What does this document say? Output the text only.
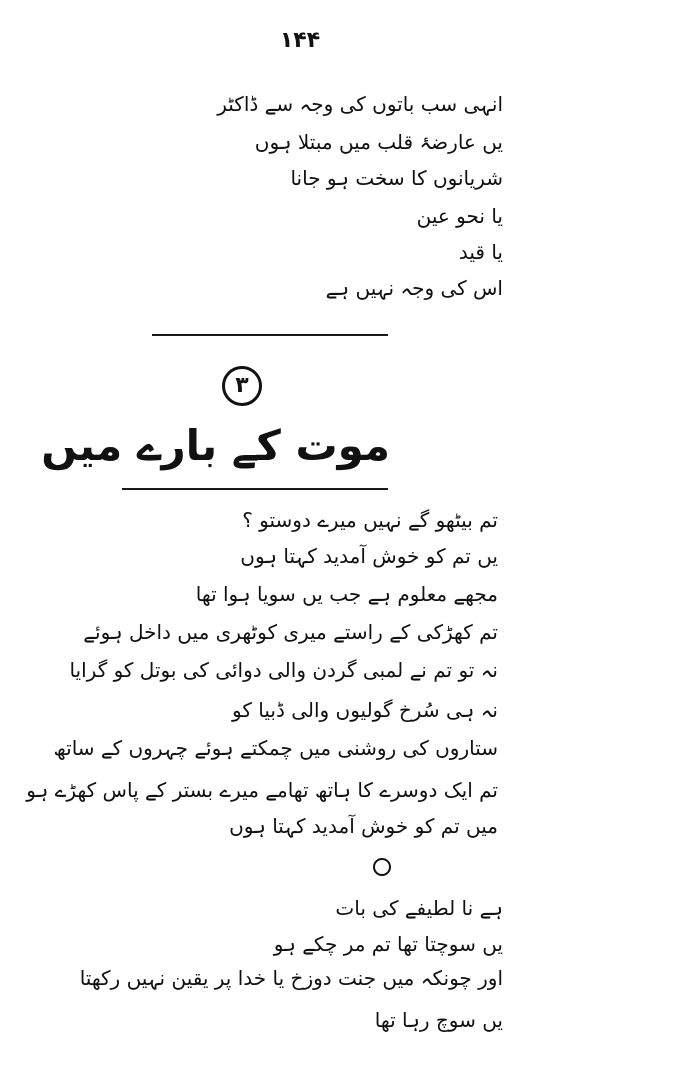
۱۴۴
انہی سب باتوں کی وجہ سے ڈاکٹر
یں عارضۂ قلب میں مبتلا ہوں
شریانوں کا سخت ہو جانا
یا نحو عین
یا قید
اس کی وجہ نہیں ہے
۳
موت کے بارے میں
تم بیٹھو گے نہیں میرے دوستو ؟
یں تم کو خوش آمدید کہتا ہوں
مجھے معلوم ہے جب یں سویا ہوا تھا
تم کھڑکی کے راستے میری کوٹھری میں داخل ہوئے
نہ تو تم نے لمبی گردن والی دوائی کی بوتل کو گرایا
نہ ہی سُرخ گولیوں والی ڈبیا کو
ستاروں کی روشنی میں چمکتے ہوئے چہروں کے ساتھ
تم ایک دوسرے کا ہاتھ تھامے میرے بستر کے پاس کھڑے ہو
میں تم کو خوش آمدید کہتا ہوں
ہے نا لطیفے کی بات
یں سوچتا تھا تم مر چکے ہو
اور چونکہ میں جنت دوزخ یا خدا پر یقین نہیں رکھتا
یں سوچ رہا تھا
